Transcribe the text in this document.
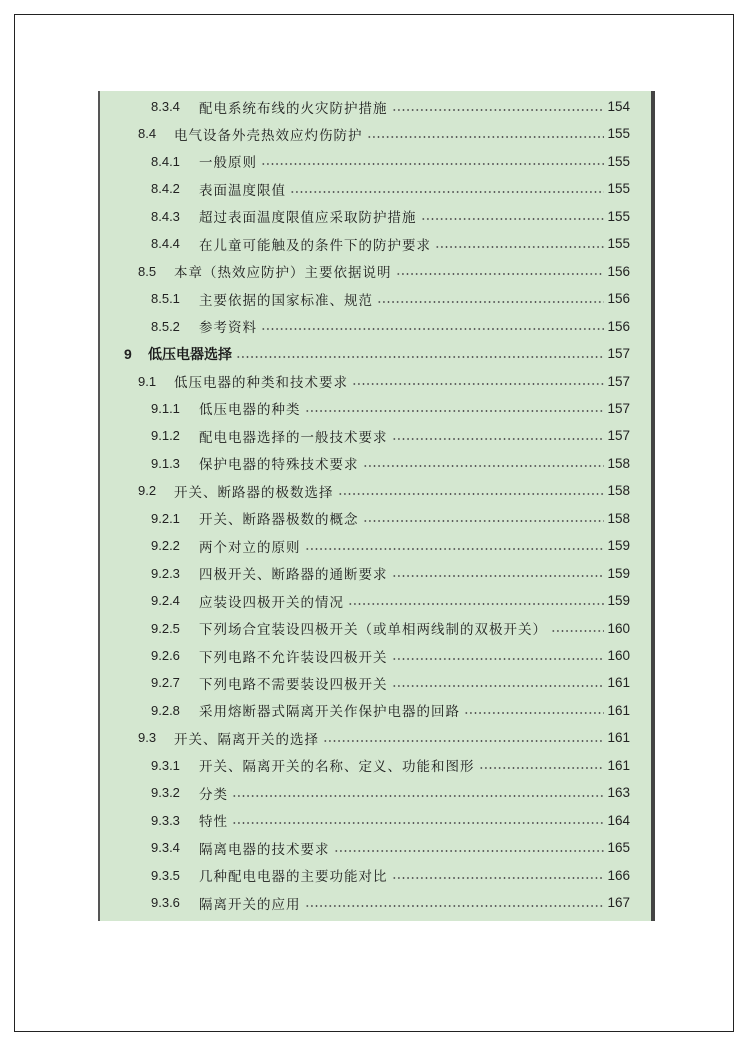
8.3.4	配电系统布线的火灾防护措施	154
8.4	电气设备外壳热效应灼伤防护	155
8.4.1	一般原则	155
8.4.2	表面温度限值	155
8.4.3	超过表面温度限值应采取防护措施	155
8.4.4	在儿童可能触及的条件下的防护要求	155
8.5	本章（热效应防护）主要依据说明	156
8.5.1	主要依据的国家标准、规范	156
8.5.2	参考资料	156
9	低压电器选择	157
9.1	低压电器的种类和技术要求	157
9.1.1	低压电器的种类	157
9.1.2	配电电器选择的一般技术要求	157
9.1.3	保护电器的特殊技术要求	158
9.2	开关、断路器的极数选择	158
9.2.1	开关、断路器极数的概念	158
9.2.2	两个对立的原则	159
9.2.3	四极开关、断路器的通断要求	159
9.2.4	应装设四极开关的情况	159
9.2.5	下列场合宜装设四极开关（或单相两线制的双极开关）	160
9.2.6	下列电路不允许装设四极开关	160
9.2.7	下列电路不需要装设四极开关	161
9.2.8	采用熔断器式隔离开关作保护电器的回路	161
9.3	开关、隔离开关的选择	161
9.3.1	开关、隔离开关的名称、定义、功能和图形	161
9.3.2	分类	163
9.3.3	特性	164
9.3.4	隔离电器的技术要求	165
9.3.5	几种配电电器的主要功能对比	166
9.3.6	隔离开关的应用	167
